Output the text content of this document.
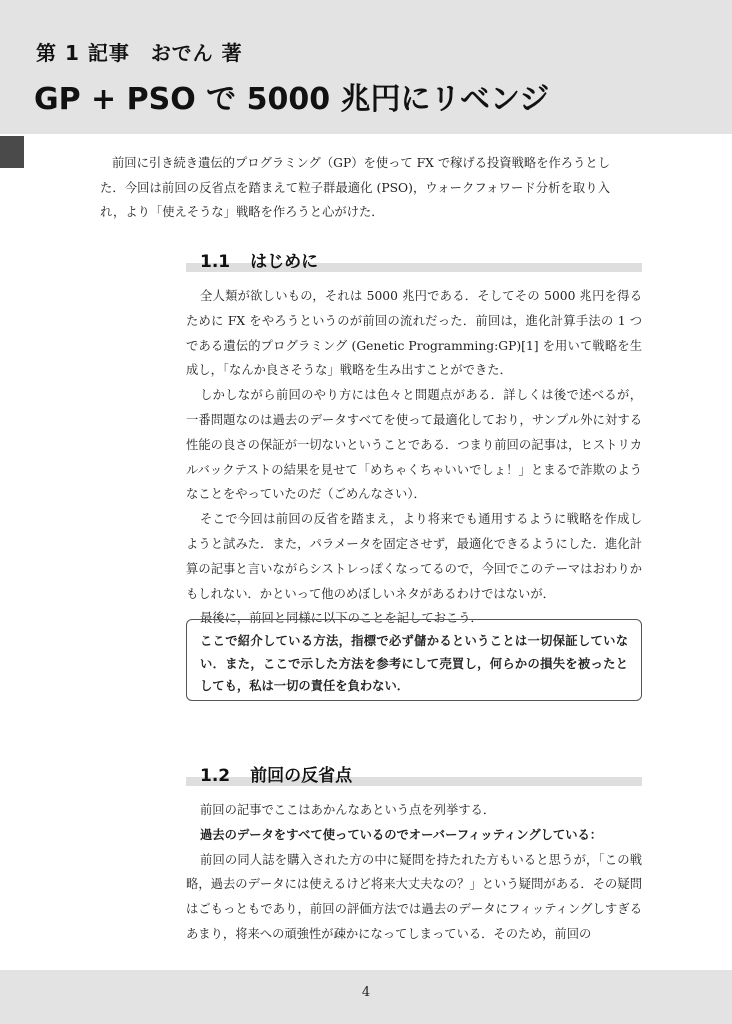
第 1 記事　おでん 著
GP + PSO で 5000 兆円にリベンジ

前回に引き続き遺伝的プログラミング（GP）を使って FX で稼げる投資戦略を作ろうとした．今回は前回の反省点を踏まえて粒子群最適化 (PSO)，ウォークフォワード分析を取り入れ，より「使えそうな」戦略を作ろうと心がけた．

1.1 はじめに

全人類が欲しいもの，それは 5000 兆円である．そしてその 5000 兆円を得るために FX をやろうというのが前回の流れだった．前回は，進化計算手法の 1 つである遺伝的プログラミング (Genetic Programming:GP)[1] を用いて戦略を生成し，「なんか良さそうな」戦略を生み出すことができた．

しかしながら前回のやり方には色々と問題点がある．詳しくは後で述べるが，一番問題なのは過去のデータすべてを使って最適化しており，サンプル外に対する性能の良さの保証が一切ないということである．つまり前回の記事は，ヒストリカルバックテストの結果を見せて「めちゃくちゃいいでしょ！」とまるで詐欺のようなことをやっていたのだ（ごめんなさい）．

そこで今回は前回の反省を踏まえ，より将来でも通用するように戦略を作成しようと試みた．また，パラメータを固定させず，最適化できるようにした．進化計算の記事と言いながらシストレっぽくなってるので，今回でこのテーマはおわりかもしれない．かといって他のめぼしいネタがあるわけではないが．

最後に，前回と同様に以下のことを記しておこう．

ここで紹介している方法，指標で必ず儲かるということは一切保証していない．また，ここで示した方法を参考にして売買し，何らかの損失を被ったとしても，私は一切の責任を負わない．
1.2 前回の反省点

前回の記事でここはあかんなあという点を列挙する．

過去のデータをすべて使っているのでオーバーフィッティングしている：

前回の同人誌を購入された方の中に疑問を持たれた方もいると思うが，「この戦略，過去のデータには使えるけど将来大丈夫なの？」という疑問がある．その疑問はごもっともであり，前回の評価方法では過去のデータにフィッティングしすぎるあまり，将来への頑強性が疎かになってしまっている．そのため，前回の

4
